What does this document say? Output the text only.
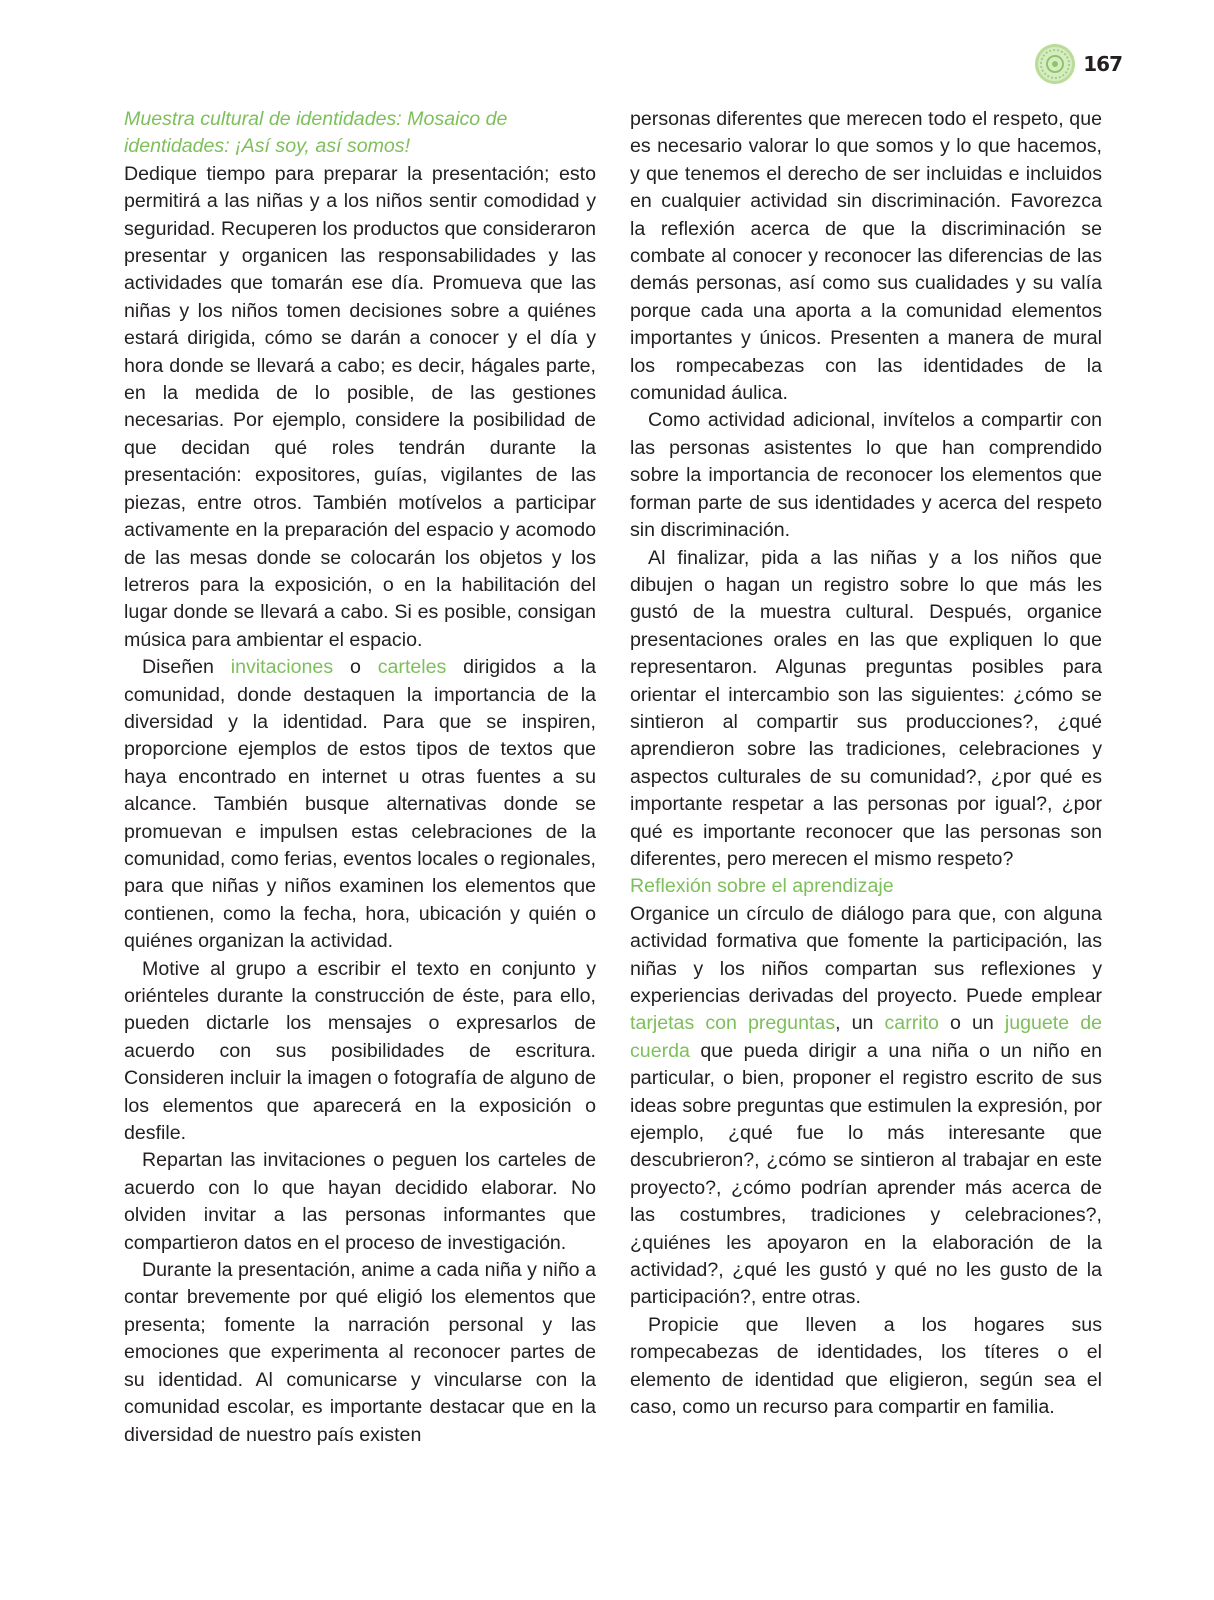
167

Muestra cultural de identidades: Mosaico de identidades: ¡Así soy, así somos!

Dedique tiempo para preparar la presentación; esto permitirá a las niñas y a los niños sentir comodidad y seguridad. Recuperen los productos que consideraron presentar y organicen las responsabilidades y las actividades que tomarán ese día. Promueva que las niñas y los niños tomen decisiones sobre a quiénes estará dirigida, cómo se darán a conocer y el día y hora donde se llevará a cabo; es decir, hágales parte, en la medida de lo posible, de las gestiones necesarias. Por ejemplo, considere la posibilidad de que decidan qué roles tendrán durante la presentación: expositores, guías, vigilantes de las piezas, entre otros. También motívelos a participar activamente en la preparación del espacio y acomodo de las mesas donde se colocarán los objetos y los letreros para la exposición, o en la habilitación del lugar donde se llevará a cabo. Si es posible, consigan música para ambientar el espacio.

Diseñen invitaciones o carteles dirigidos a la comunidad, donde destaquen la importancia de la diversidad y la identidad. Para que se inspiren, proporcione ejemplos de estos tipos de textos que haya encontrado en internet u otras fuentes a su alcance. También busque alternativas donde se promuevan e impulsen estas celebraciones de la comunidad, como ferias, eventos locales o regionales, para que niñas y niños examinen los elementos que contienen, como la fecha, hora, ubicación y quién o quiénes organizan la actividad.

Motive al grupo a escribir el texto en conjunto y oriénteles durante la construcción de éste, para ello, pueden dictarle los mensajes o expresarlos de acuerdo con sus posibilidades de escritura. Consideren incluir la imagen o fotografía de alguno de los elementos que aparecerá en la exposición o desfile.

Repartan las invitaciones o peguen los carteles de acuerdo con lo que hayan decidido elaborar. No olviden invitar a las personas informantes que compartieron datos en el proceso de investigación.

Durante la presentación, anime a cada niña y niño a contar brevemente por qué eligió los elementos que presenta; fomente la narración personal y las emociones que experimenta al reconocer partes de su identidad. Al comunicarse y vincularse con la comunidad escolar, es importante destacar que en la diversidad de nuestro país existen

personas diferentes que merecen todo el respeto, que es necesario valorar lo que somos y lo que hacemos, y que tenemos el derecho de ser incluidas e incluidos en cualquier actividad sin discriminación. Favorezca la reflexión acerca de que la discriminación se combate al conocer y reconocer las diferencias de las demás personas, así como sus cualidades y su valía porque cada una aporta a la comunidad elementos importantes y únicos. Presenten a manera de mural los rompecabezas con las identidades de la comunidad áulica.

Como actividad adicional, invítelos a compartir con las personas asistentes lo que han comprendido sobre la importancia de reconocer los elementos que forman parte de sus identidades y acerca del respeto sin discriminación.

Al finalizar, pida a las niñas y a los niños que dibujen o hagan un registro sobre lo que más les gustó de la muestra cultural. Después, organice presentaciones orales en las que expliquen lo que representaron. Algunas preguntas posibles para orientar el intercambio son las siguientes: ¿cómo se sintieron al compartir sus producciones?, ¿qué aprendieron sobre las tradiciones, celebraciones y aspectos culturales de su comunidad?, ¿por qué es importante respetar a las personas por igual?, ¿por qué es importante reconocer que las personas son diferentes, pero merecen el mismo respeto?

Reflexión sobre el aprendizaje

Organice un círculo de diálogo para que, con alguna actividad formativa que fomente la participación, las niñas y los niños compartan sus reflexiones y experiencias derivadas del proyecto. Puede emplear tarjetas con preguntas, un carrito o un juguete de cuerda que pueda dirigir a una niña o un niño en particular, o bien, proponer el registro escrito de sus ideas sobre preguntas que estimulen la expresión, por ejemplo, ¿qué fue lo más interesante que descubrieron?, ¿cómo se sintieron al trabajar en este proyecto?, ¿cómo podrían aprender más acerca de las costumbres, tradiciones y celebraciones?, ¿quiénes les apoyaron en la elaboración de la actividad?, ¿qué les gustó y qué no les gusto de la participación?, entre otras.

Propicie que lleven a los hogares sus rompecabezas de identidades, los títeres o el elemento de identidad que eligieron, según sea el caso, como un recurso para compartir en familia.
